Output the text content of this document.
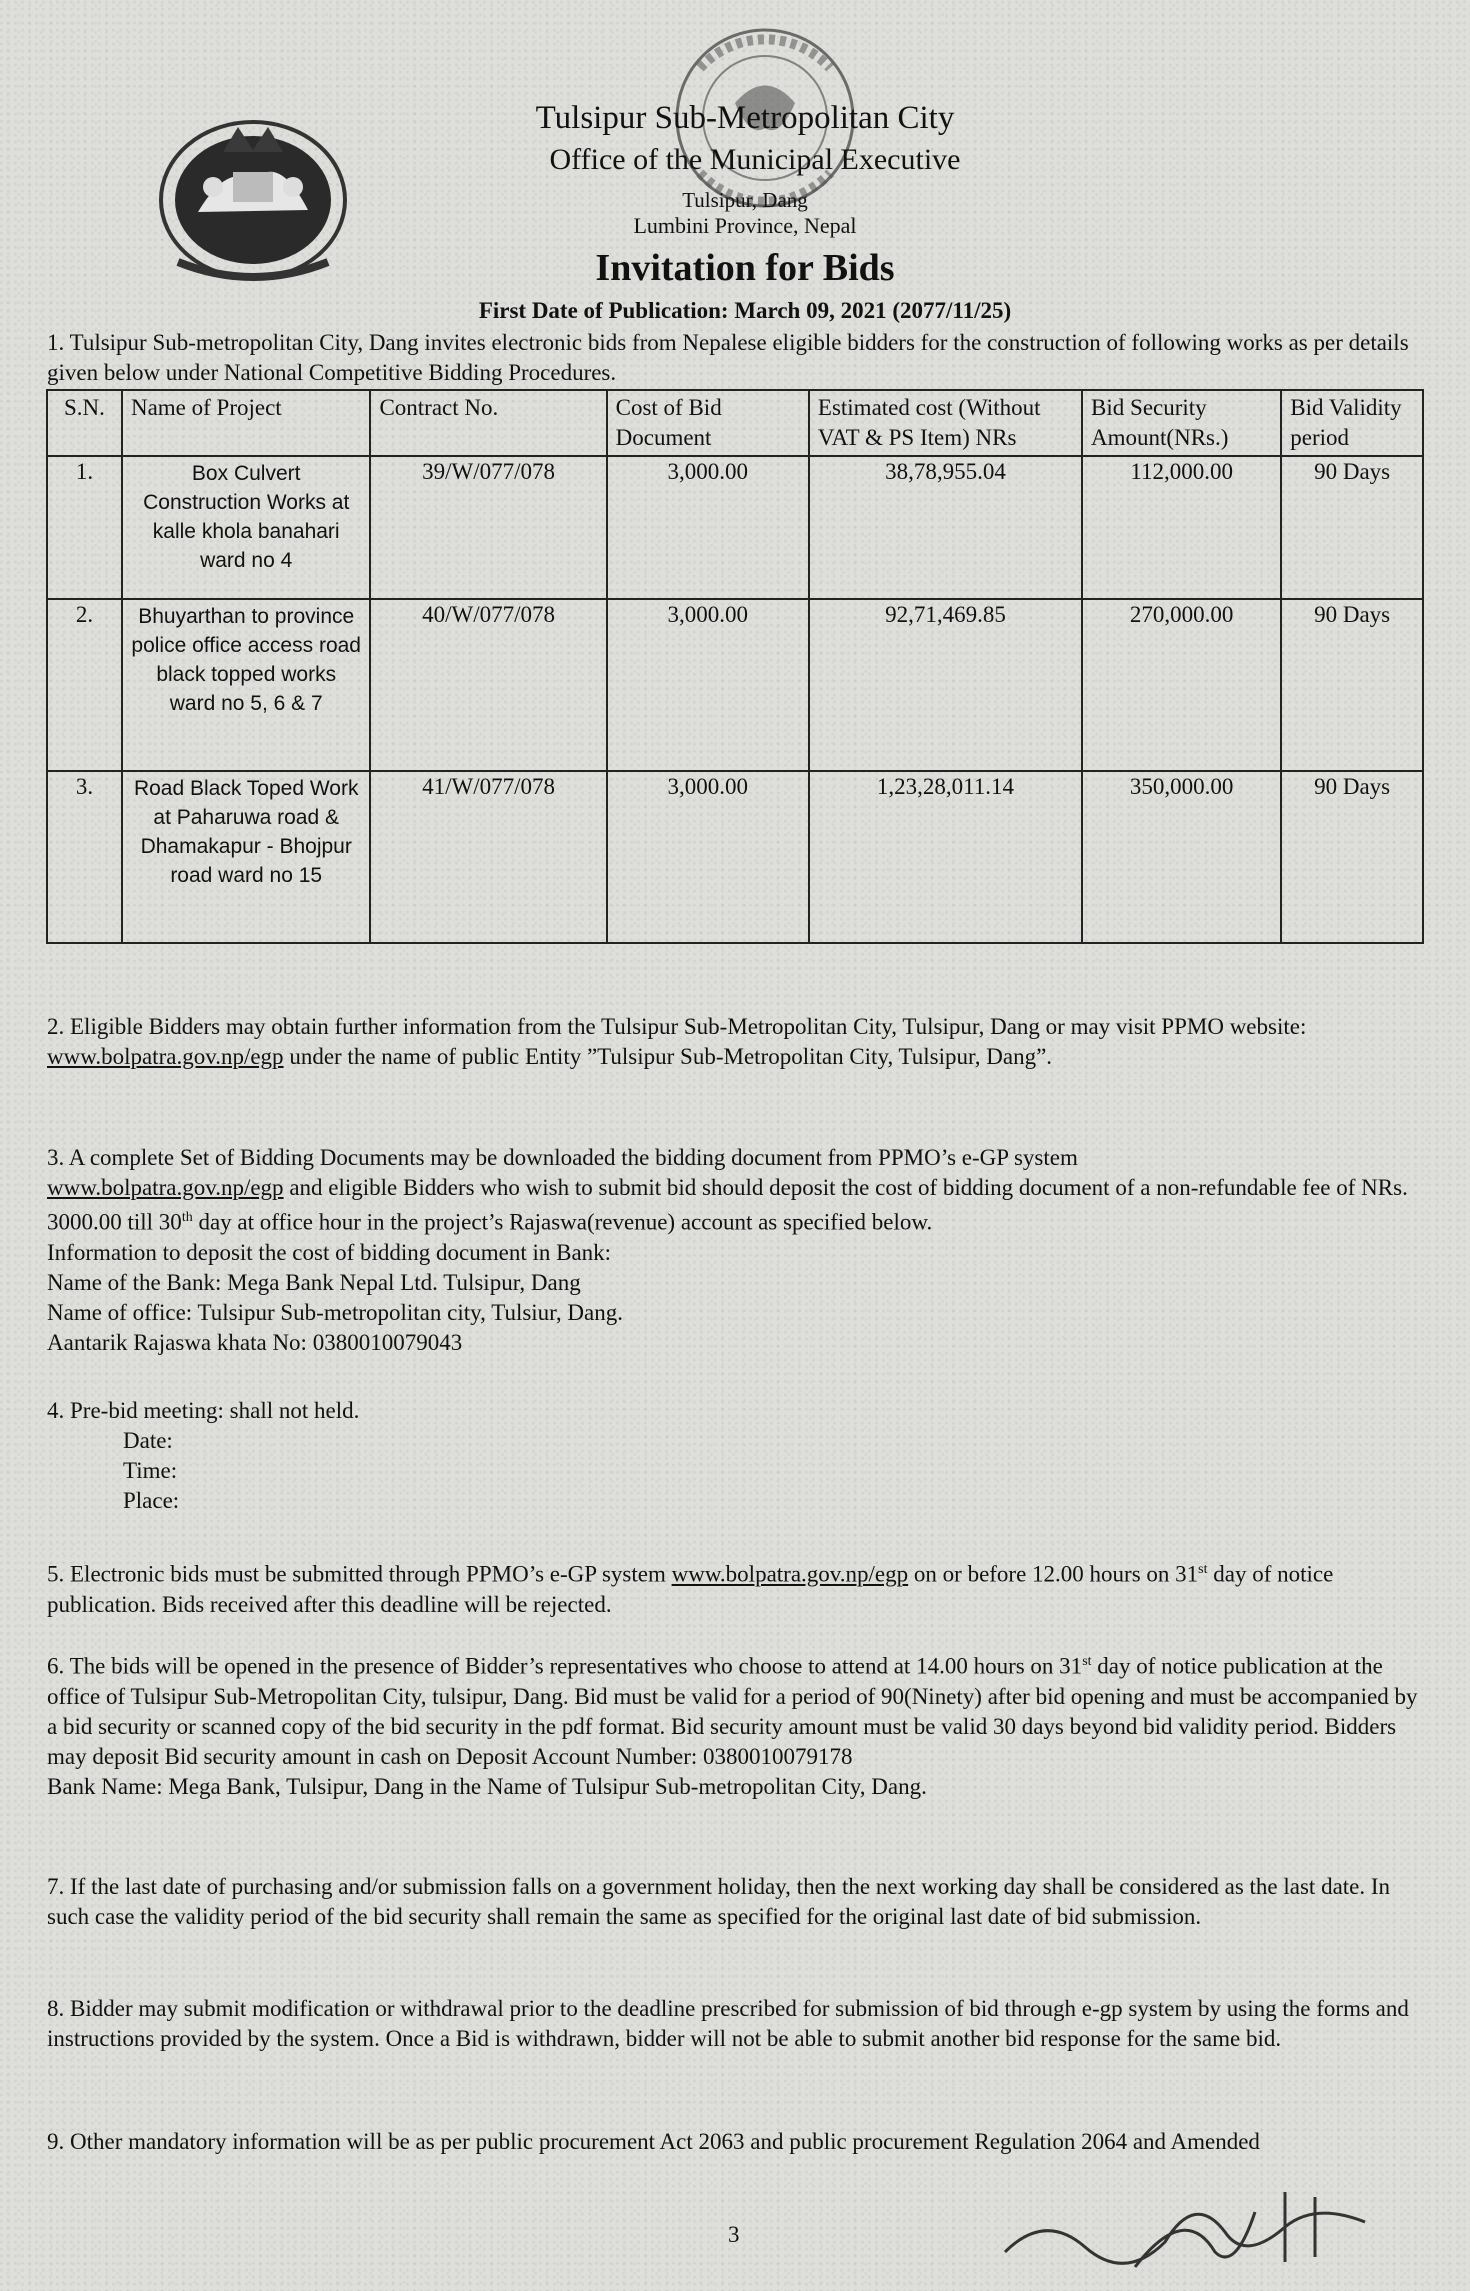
Tulsipur Sub-Metropolitan City
Office of the Municipal Executive
Tulsipur, Dang
Lumbini Province, Nepal
Invitation for Bids
First Date of Publication: March 09, 2021 (2077/11/25)
1. Tulsipur Sub-metropolitan City, Dang invites electronic bids from Nepalese eligible bidders for the construction of following works as per details given below under National Competitive Bidding Procedures.
S.N.	Name of Project	Contract No.	Cost of Bid Document	Estimated cost (Without VAT & PS Item) NRs	Bid Security Amount(NRs.)	Bid Validity period
1.	Box Culvert Construction Works at kalle khola banahari ward no 4	39/W/077/078	3,000.00	38,78,955.04	112,000.00	90 Days
2.	Bhuyarthan to province police office access road black topped works ward no 5, 6 & 7	40/W/077/078	3,000.00	92,71,469.85	270,000.00	90 Days
3.	Road Black Toped Work at Paharuwa road & Dhamakapur - Bhojpur road ward no 15	41/W/077/078	3,000.00	1,23,28,011.14	350,000.00	90 Days
2. Eligible Bidders may obtain further information from the Tulsipur Sub-Metropolitan City, Tulsipur, Dang or may visit PPMO website: www.bolpatra.gov.np/egp under the name of public Entity ”Tulsipur Sub-Metropolitan City, Tulsipur, Dang”.
3. A complete Set of Bidding Documents may be downloaded the bidding document from PPMO’s e-GP system
www.bolpatra.gov.np/egp and eligible Bidders who wish to submit bid should deposit the cost of bidding document of a non-refundable fee of NRs. 3000.00 till 30th day at office hour in the project’s Rajaswa(revenue) account as specified below.
Information to deposit the cost of bidding document in Bank:
Name of the Bank: Mega Bank Nepal Ltd. Tulsipur, Dang
Name of office: Tulsipur Sub-metropolitan city, Tulsiur, Dang.
Aantarik Rajaswa khata No: 0380010079043
4. Pre-bid meeting: shall not held.
Date:
Time:
Place:
5. Electronic bids must be submitted through PPMO’s e-GP system www.bolpatra.gov.np/egp on or before 12.00 hours on 31st day of notice publication. Bids received after this deadline will be rejected.
6. The bids will be opened in the presence of Bidder’s representatives who choose to attend at 14.00 hours on 31st day of notice publication at the office of Tulsipur Sub-Metropolitan City, tulsipur, Dang. Bid must be valid for a period of 90(Ninety) after bid opening and must be accompanied by a bid security or scanned copy of the bid security in the pdf format. Bid security amount must be valid 30 days beyond bid validity period. Bidders may deposit Bid security amount in cash on Deposit Account Number: 0380010079178
Bank Name: Mega Bank, Tulsipur, Dang in the Name of Tulsipur Sub-metropolitan City, Dang.
7. If the last date of purchasing and/or submission falls on a government holiday, then the next working day shall be considered as the last date. In such case the validity period of the bid security shall remain the same as specified for the original last date of bid submission.
8. Bidder may submit modification or withdrawal prior to the deadline prescribed for submission of bid through e-gp system by using the forms and instructions provided by the system. Once a Bid is withdrawn, bidder will not be able to submit another bid response for the same bid.
9. Other mandatory information will be as per public procurement Act 2063 and public procurement Regulation 2064 and Amended
3
